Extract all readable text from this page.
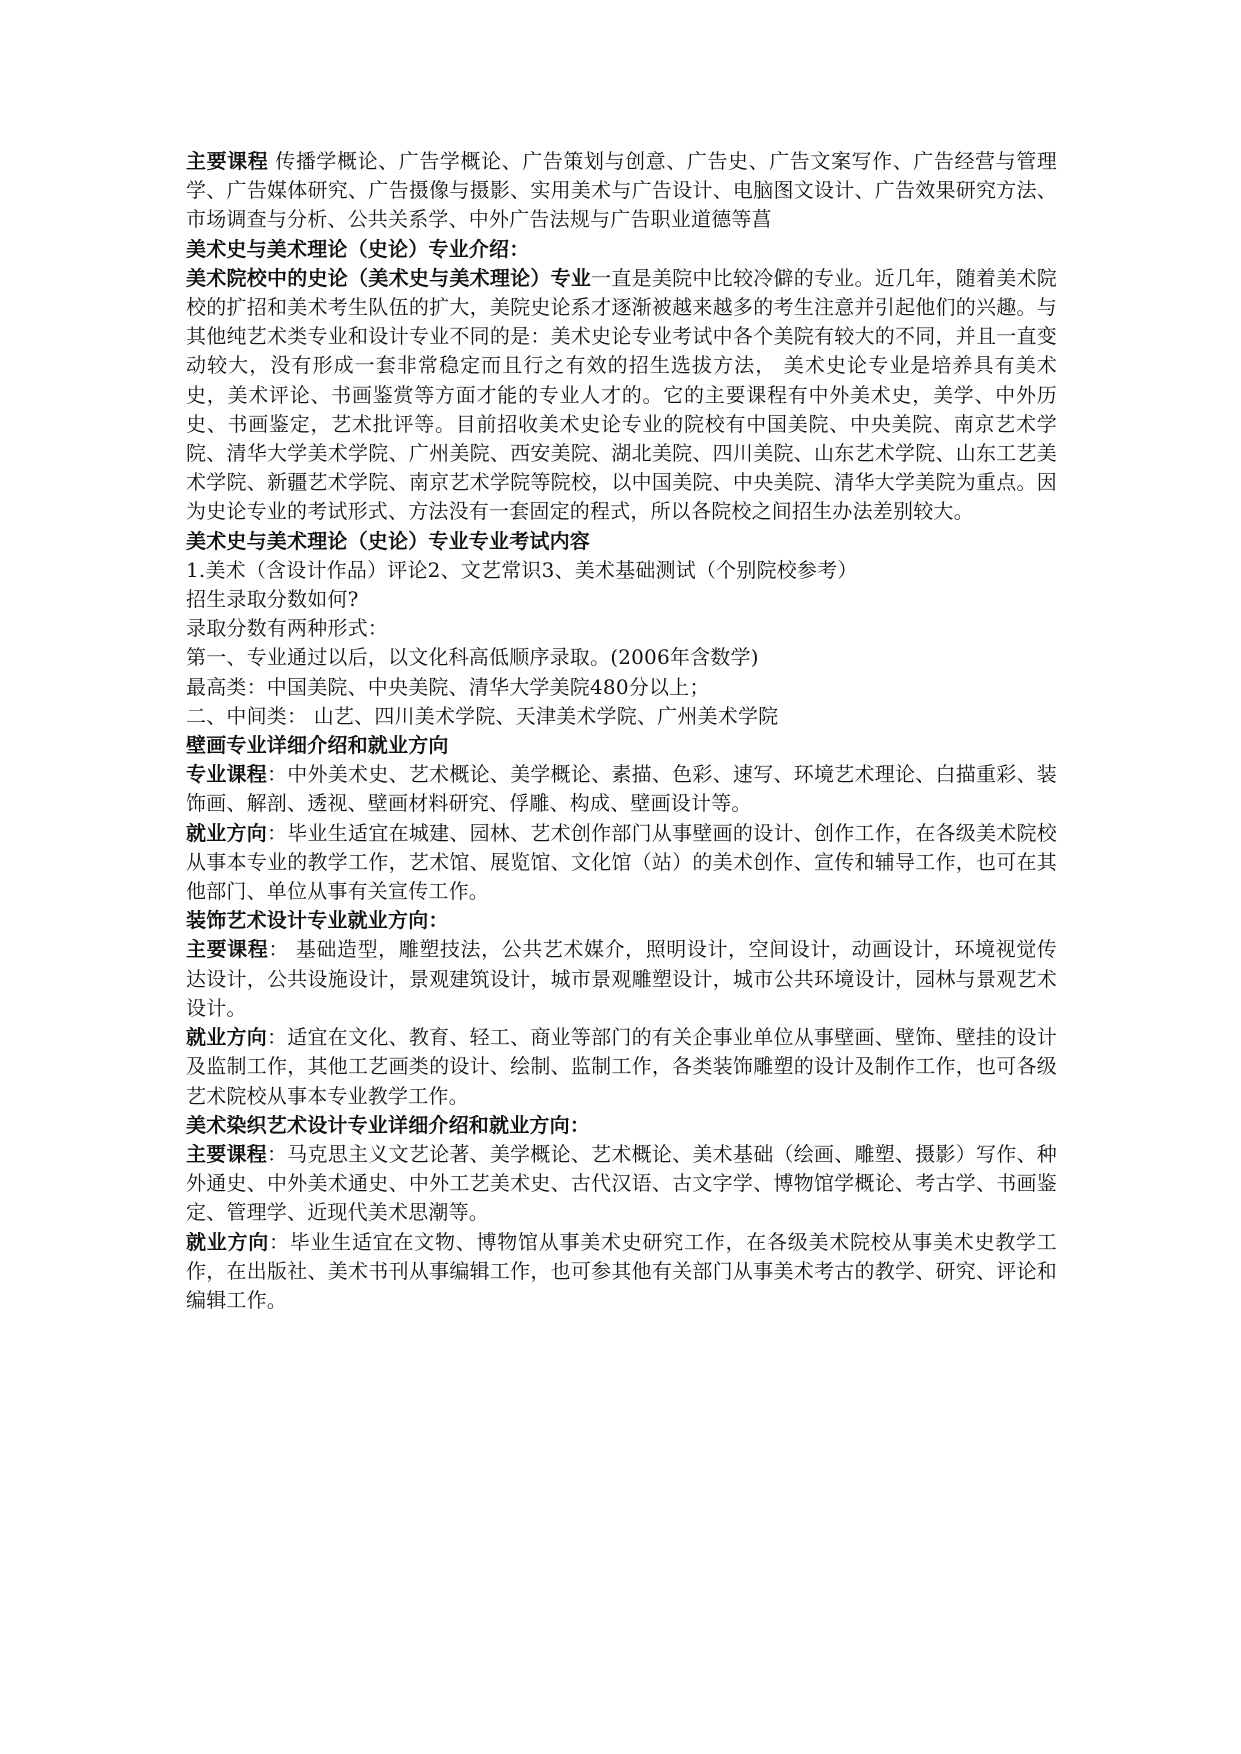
主要课程 传播学概论、广告学概论、广告策划与创意、广告史、广告文案写作、广告经营与管理学、广告媒体研究、广告摄像与摄影、实用美术与广告设计、电脑图文设计、广告效果研究方法、市场调查与分析、公共关系学、中外广告法规与广告职业道德等菖

美术史与美术理论（史论）专业介绍：

美术院校中的史论（美术史与美术理论）专业一直是美院中比较冷僻的专业。近几年，随着美术院校的扩招和美术考生队伍的扩大，美院史论系才逐渐被越来越多的考生注意并引起他们的兴趣。与其他纯艺术类专业和设计专业不同的是：美术史论专业考试中各个美院有较大的不同，并且一直变动较大，没有形成一套非常稳定而且行之有效的招生选拔方法， 美术史论专业是培养具有美术史，美术评论、书画鉴赏等方面才能的专业人才的。它的主要课程有中外美术史，美学、中外历史、书画鉴定，艺术批评等。目前招收美术史论专业的院校有中国美院、中央美院、南京艺术学院、清华大学美术学院、广州美院、西安美院、湖北美院、四川美院、山东艺术学院、山东工艺美术学院、新疆艺术学院、南京艺术学院等院校，以中国美院、中央美院、清华大学美院为重点。因为史论专业的考试形式、方法没有一套固定的程式，所以各院校之间招生办法差别较大。

美术史与美术理论（史论）专业专业考试内容

1.美术（含设计作品）评论2、文艺常识3、美术基础测试（个别院校参考）

招生录取分数如何?

录取分数有两种形式：

第一、专业通过以后，以文化科高低顺序录取。(2006年含数学)

最高类：中国美院、中央美院、清华大学美院480分以上；

二、中间类： 山艺、四川美术学院、天津美术学院、广州美术学院

壁画专业详细介绍和就业方向

专业课程：中外美术史、艺术概论、美学概论、素描、色彩、速写、环境艺术理论、白描重彩、装饰画、解剖、透视、壁画材料研究、俘雕、构成、壁画设计等。

就业方向：毕业生适宜在城建、园林、艺术创作部门从事壁画的设计、创作工作，在各级美术院校从事本专业的教学工作，艺术馆、展览馆、文化馆（站）的美术创作、宣传和辅导工作，也可在其他部门、单位从事有关宣传工作。

装饰艺术设计专业就业方向：

主要课程： 基础造型，雕塑技法，公共艺术媒介，照明设计，空间设计，动画设计，环境视觉传达设计，公共设施设计，景观建筑设计，城市景观雕塑设计，城市公共环境设计，园林与景观艺术设计。

就业方向：适宜在文化、教育、轻工、商业等部门的有关企事业单位从事壁画、壁饰、壁挂的设计及监制工作，其他工艺画类的设计、绘制、监制工作，各类装饰雕塑的设计及制作工作，也可各级艺术院校从事本专业教学工作。

美术染织艺术设计专业详细介绍和就业方向：

主要课程：马克思主义文艺论著、美学概论、艺术概论、美术基础（绘画、雕塑、摄影）写作、种外通史、中外美术通史、中外工艺美术史、古代汉语、古文字学、博物馆学概论、考古学、书画鉴定、管理学、近现代美术思潮等。

就业方向：毕业生适宜在文物、博物馆从事美术史研究工作，在各级美术院校从事美术史教学工作，在出版社、美术书刊从事编辑工作，也可参其他有关部门从事美术考古的教学、研究、评论和编辑工作。
